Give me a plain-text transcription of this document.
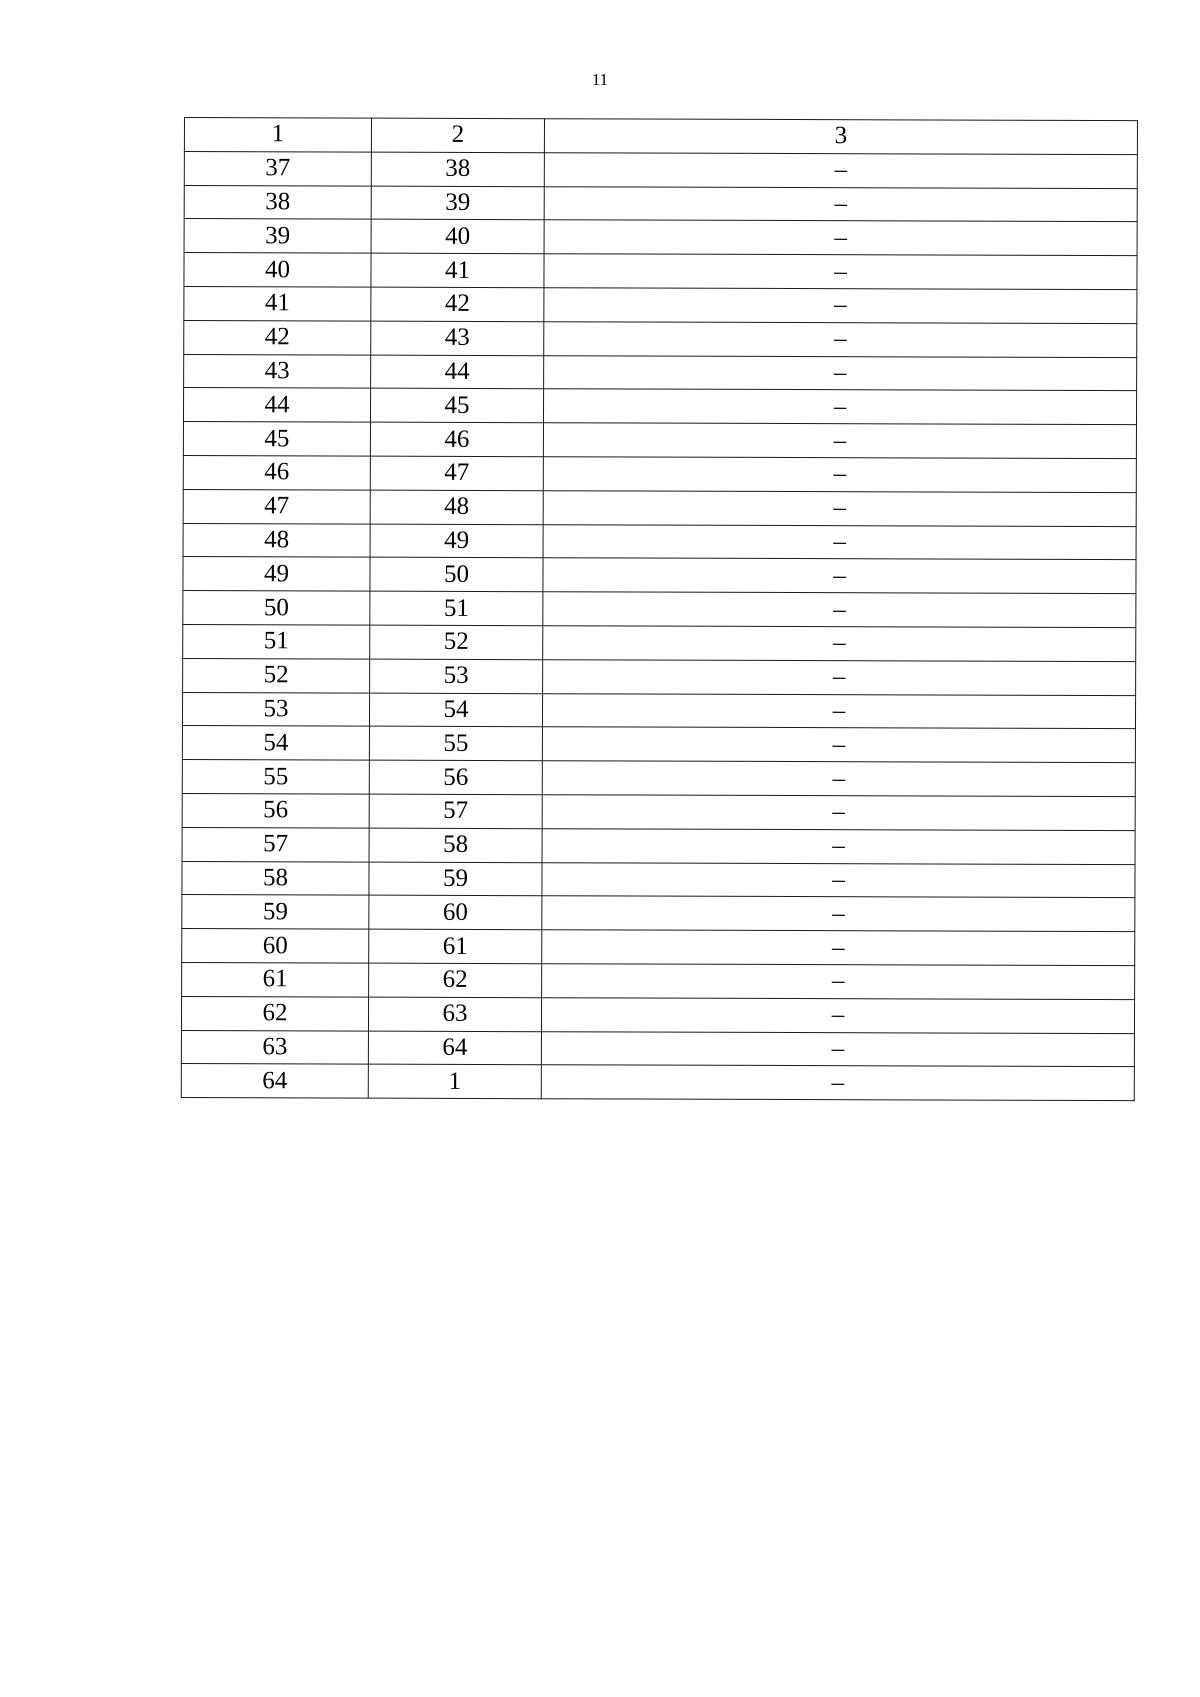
11
1	2	3
37	38	–
38	39	–
39	40	–
40	41	–
41	42	–
42	43	–
43	44	–
44	45	–
45	46	–
46	47	–
47	48	–
48	49	–
49	50	–
50	51	–
51	52	–
52	53	–
53	54	–
54	55	–
55	56	–
56	57	–
57	58	–
58	59	–
59	60	–
60	61	–
61	62	–
62	63	–
63	64	–
64	1	–
